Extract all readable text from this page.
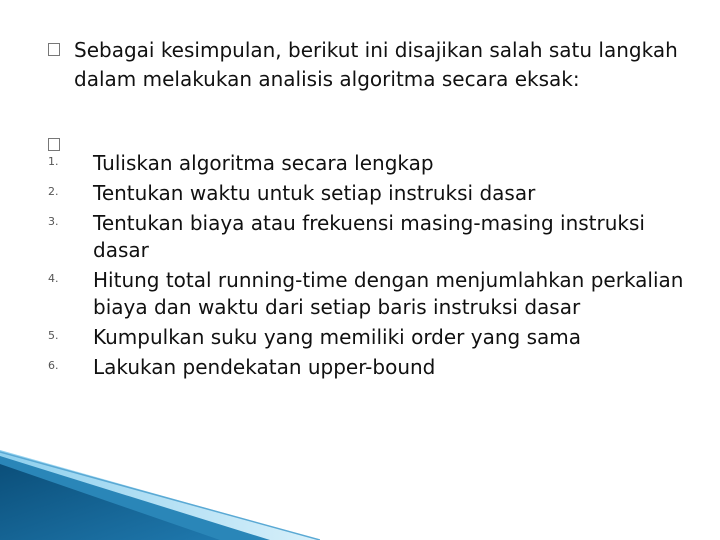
Sebagai kesimpulan, berikut ini disajikan salah satu langkah dalam melakukan analisis algoritma secara eksak:
1.	Tuliskan algoritma secara lengkap
2.	Tentukan waktu untuk setiap instruksi dasar
3.	Tentukan biaya atau frekuensi masing-masing instruksi dasar
4.	Hitung total running-time dengan menjumlahkan perkalian biaya dan waktu dari setiap baris instruksi dasar
5.	Kumpulkan suku yang memiliki order yang sama
6.	Lakukan pendekatan upper-bound
